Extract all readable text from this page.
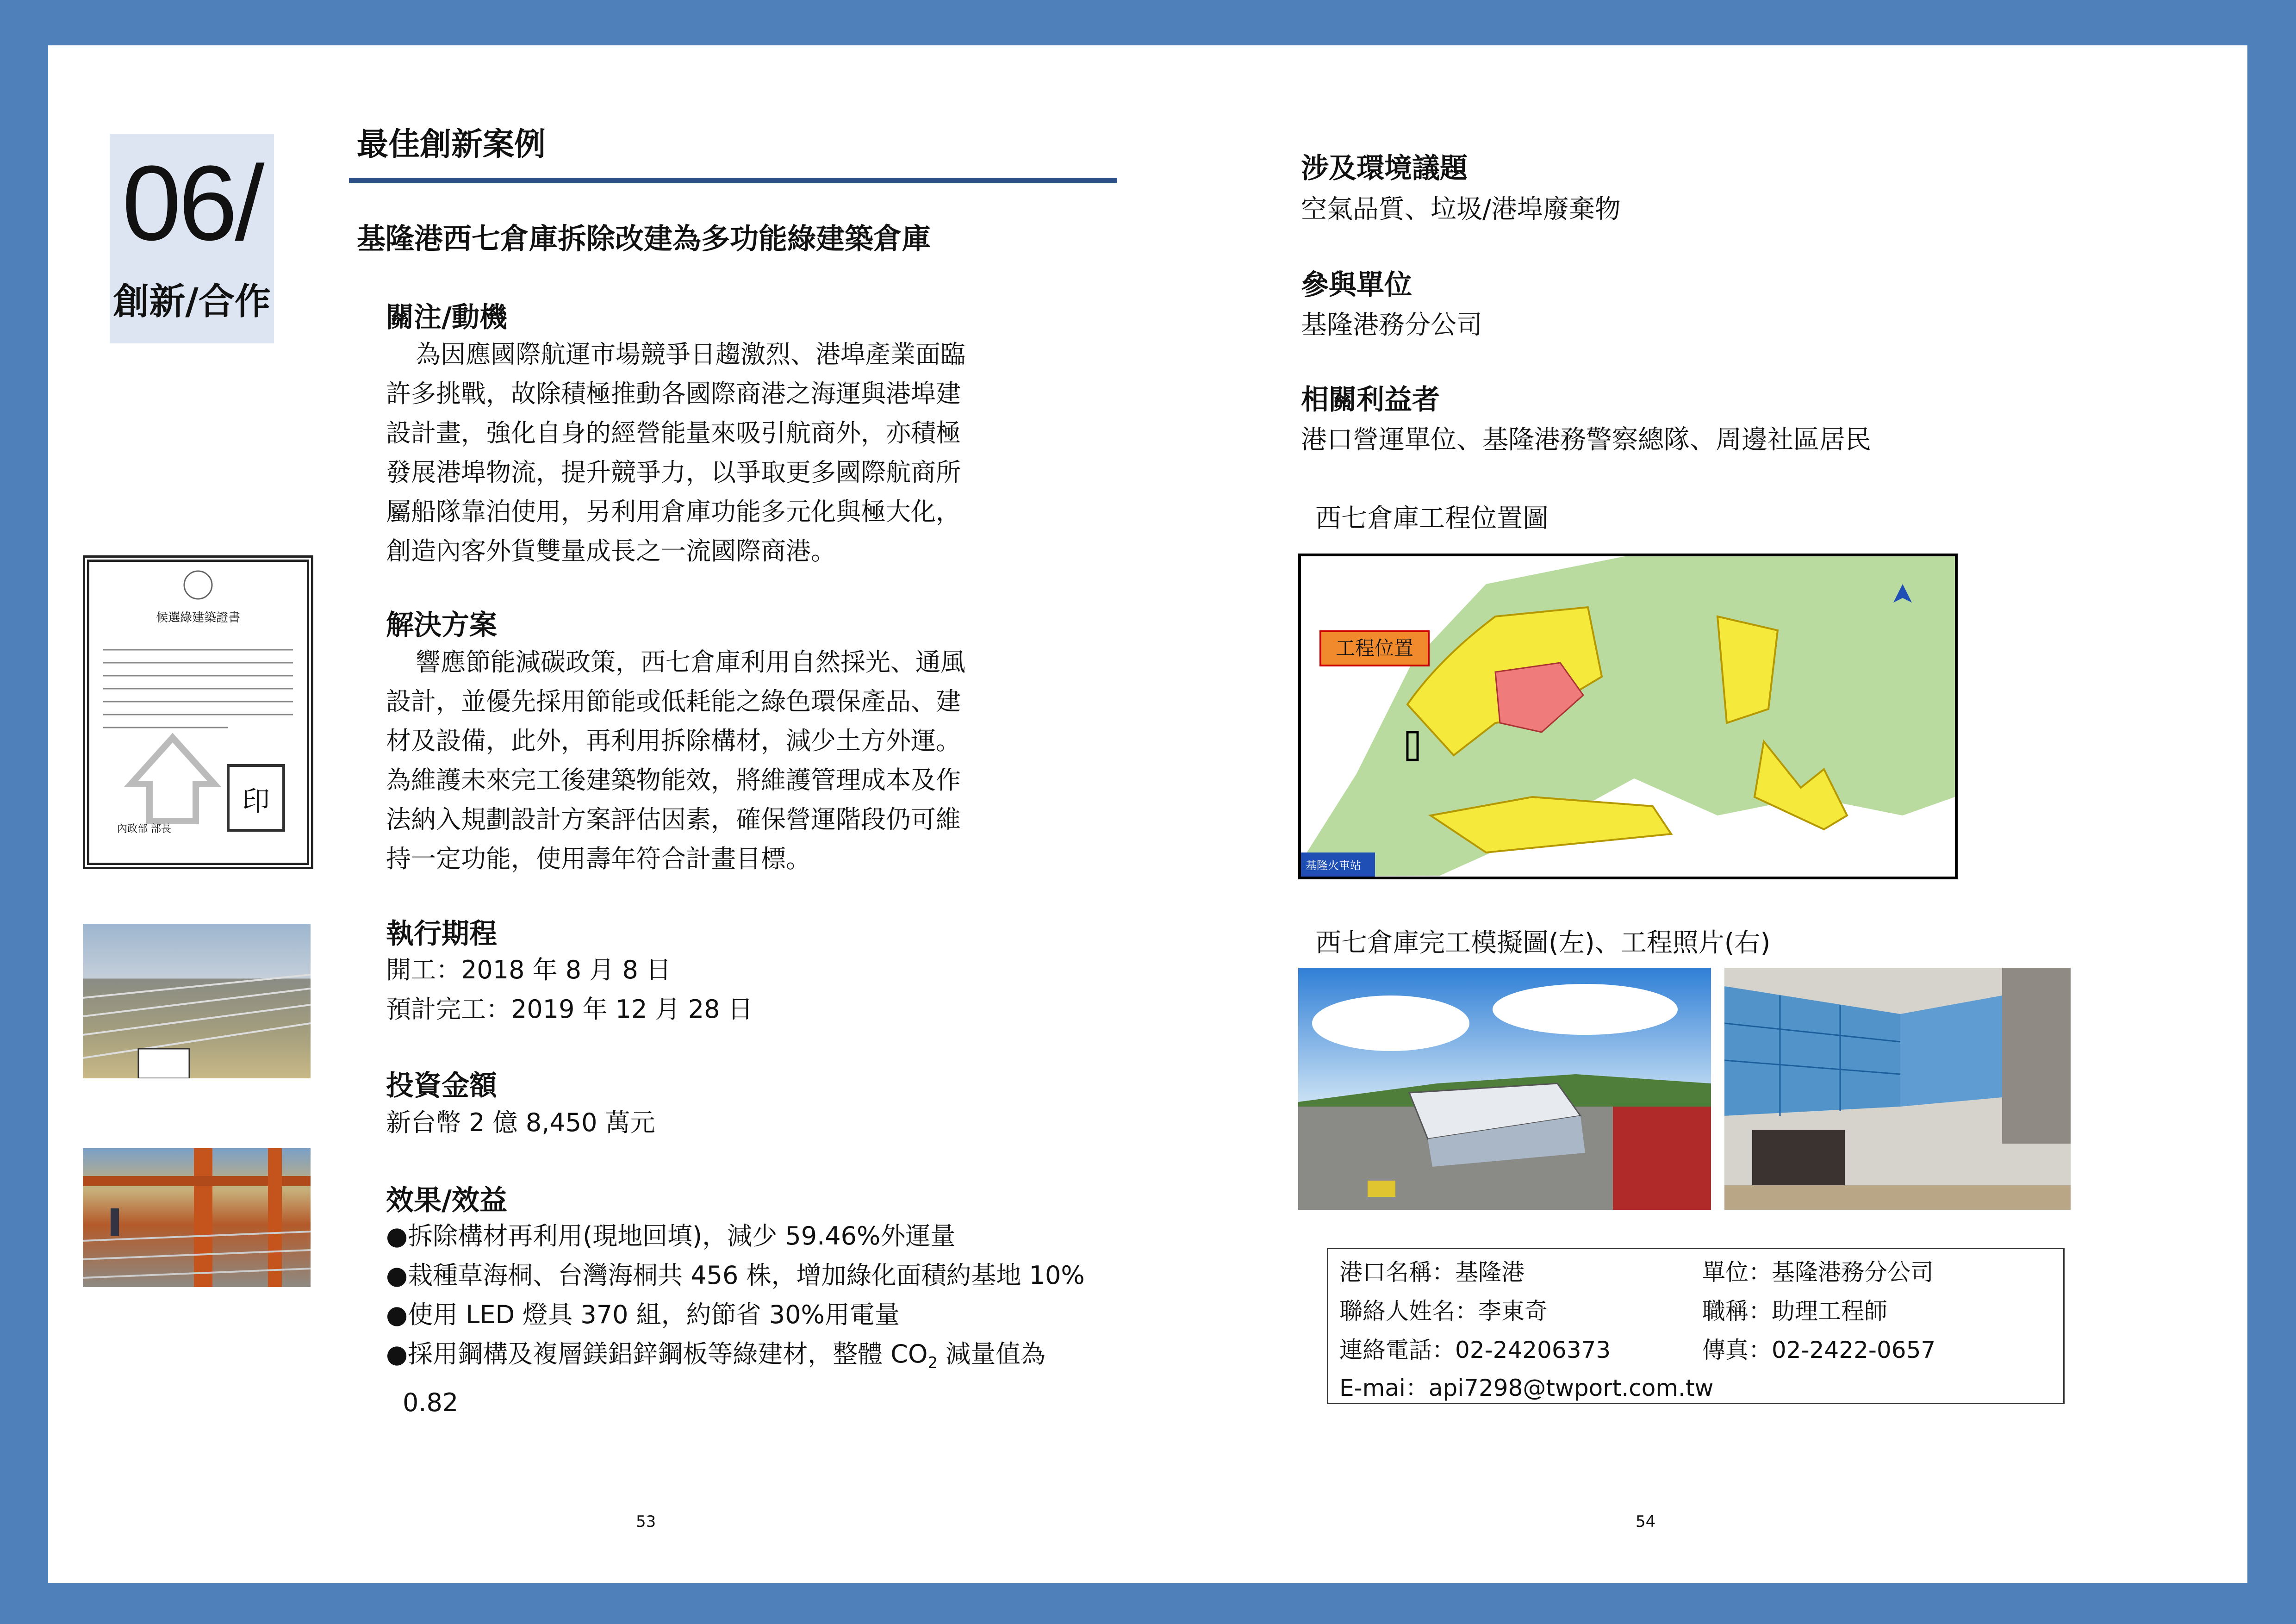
06/
創新/合作
最佳創新案例
基隆港西七倉庫拆除改建為多功能綠建築倉庫
關注/動機
為因應國際航運市場競爭日趨激烈、港埠產業面臨
許多挑戰，故除積極推動各國際商港之海運與港埠建
設計畫，強化自身的經營能量來吸引航商外，亦積極
發展港埠物流，提升競爭力，以爭取更多國際航商所
屬船隊靠泊使用，另利用倉庫功能多元化與極大化，
創造內客外貨雙量成長之一流國際商港。
解決方案
響應節能減碳政策，西七倉庫利用自然採光、通風
設計，並優先採用節能或低耗能之綠色環保產品、建
材及設備，此外，再利用拆除構材，減少土方外運。
為維護未來完工後建築物能效，將維護管理成本及作
法納入規劃設計方案評估因素，確保營運階段仍可維
持一定功能，使用壽年符合計畫目標。
執行期程
開工：2018 年 8 月 8 日
預計完工：2019 年 12 月 28 日
投資金額
新台幣 2 億 8,450 萬元
效果/效益
●拆除構材再利用(現地回填)，減少 59.46%外運量
●栽種草海桐、台灣海桐共 456 株，增加綠化面積約基地 10%
●使用 LED 燈具 370 組，約節省 30%用電量
●採用鋼構及複層鎂鋁鋅鋼板等綠建材，整體 $CO_2$ 減量值為
0.82
候選綠建築證書
內政部 部長
印
53
涉及環境議題
空氣品質、垃圾/港埠廢棄物
參與單位
基隆港務分公司
相關利益者
港口營運單位、基隆港務警察總隊、周邊社區居民
西七倉庫工程位置圖
工程位置
基隆火車站
西七倉庫完工模擬圖(左)、工程照片(右)
港口名稱：基隆港	單位：基隆港務分公司
聯絡人姓名：李東奇	職稱：助理工程師
連絡電話：02-24206373	傳真：02-2422-0657
E-mai：api7298@twport.com.tw
54
